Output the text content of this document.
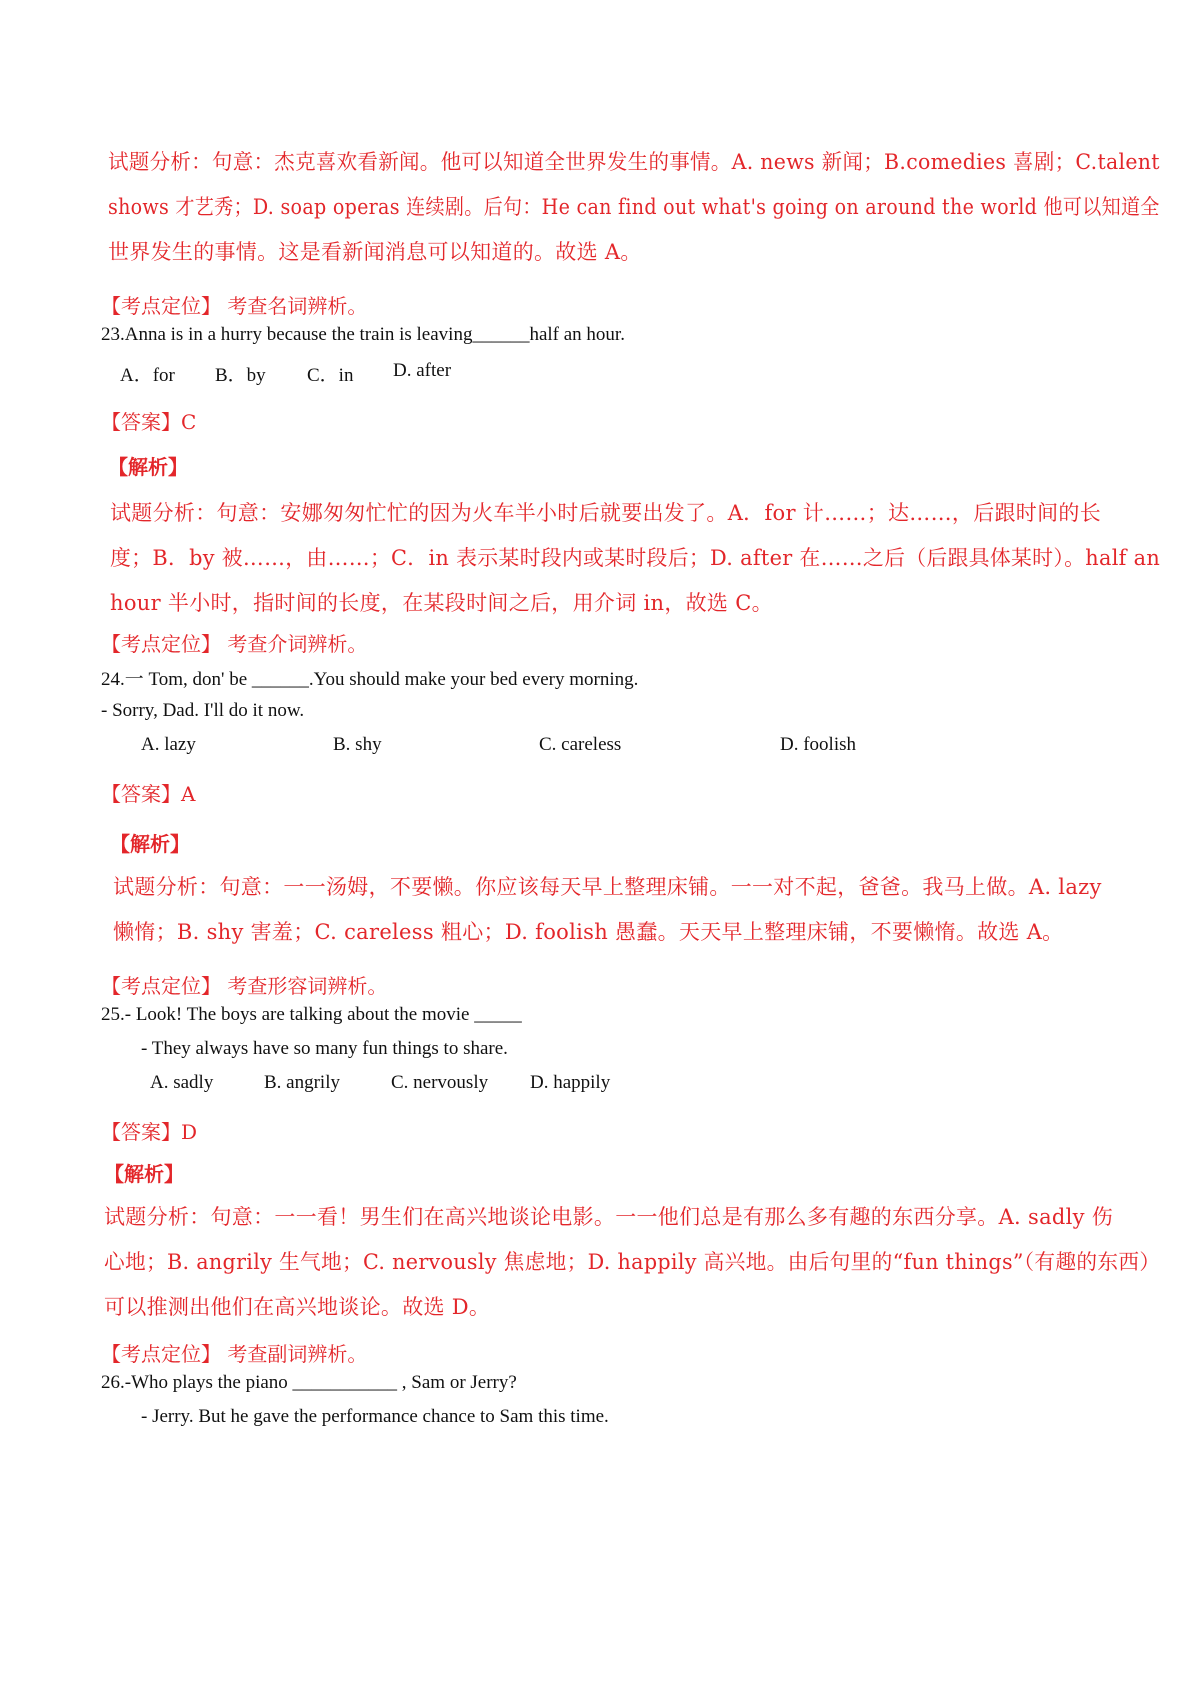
试题分析：句意：杰克喜欢看新闻。他可以知道全世界发生的事情。A. news 新闻；B.comedies 喜剧；C.talent
shows 才艺秀；D. soap operas 连续剧。后句：He can find out what's going on around the world 他可以知道全
世界发生的事情。这是看新闻消息可以知道的。故选 A。
【考点定位】 考查名词辨析。
23.Anna is in a hurry because the train is leaving______half an hour.
A．for	B．by	C．in	D. after
【答案】C
【解析】
试题分析：句意：安娜匆匆忙忙的因为火车半小时后就要出发了。A．for 计……；达……，后跟时间的长
度；B．by 被……，由……；C．in 表示某时段内或某时段后；D. after 在……之后（后跟具体某时）。half an
hour 半小时，指时间的长度，在某段时间之后，用介词 in，故选 C。
【考点定位】 考查介词辨析。
24.一 Tom, don' be ______.You should make your bed every morning.
- Sorry, Dad. I'll do it now.
A. lazy	B. shy	C. careless	D. foolish
【答案】A
【解析】
试题分析：句意：一一汤姆，不要懒。你应该每天早上整理床铺。一一对不起，爸爸。我马上做。A. lazy
懒惰；B. shy 害羞；C. careless 粗心；D. foolish 愚蠢。天天早上整理床铺，不要懒惰。故选 A。
【考点定位】 考查形容词辨析。
25.- Look! The boys are talking about the movie _____
- They always have so many fun things to share.
A. sadly	B. angrily	C. nervously	D. happily
【答案】D
【解析】
试题分析：句意：一一看！男生们在高兴地谈论电影。一一他们总是有那么多有趣的东西分享。A. sadly 伤
心地；B. angrily 生气地；C. nervously 焦虑地；D. happily 高兴地。由后句里的“fun things”（有趣的东西）
可以推测出他们在高兴地谈论。故选 D。
【考点定位】 考查副词辨析。
26.-Who plays the piano ___________ , Sam or Jerry?
- Jerry. But he gave the performance chance to Sam this time.
